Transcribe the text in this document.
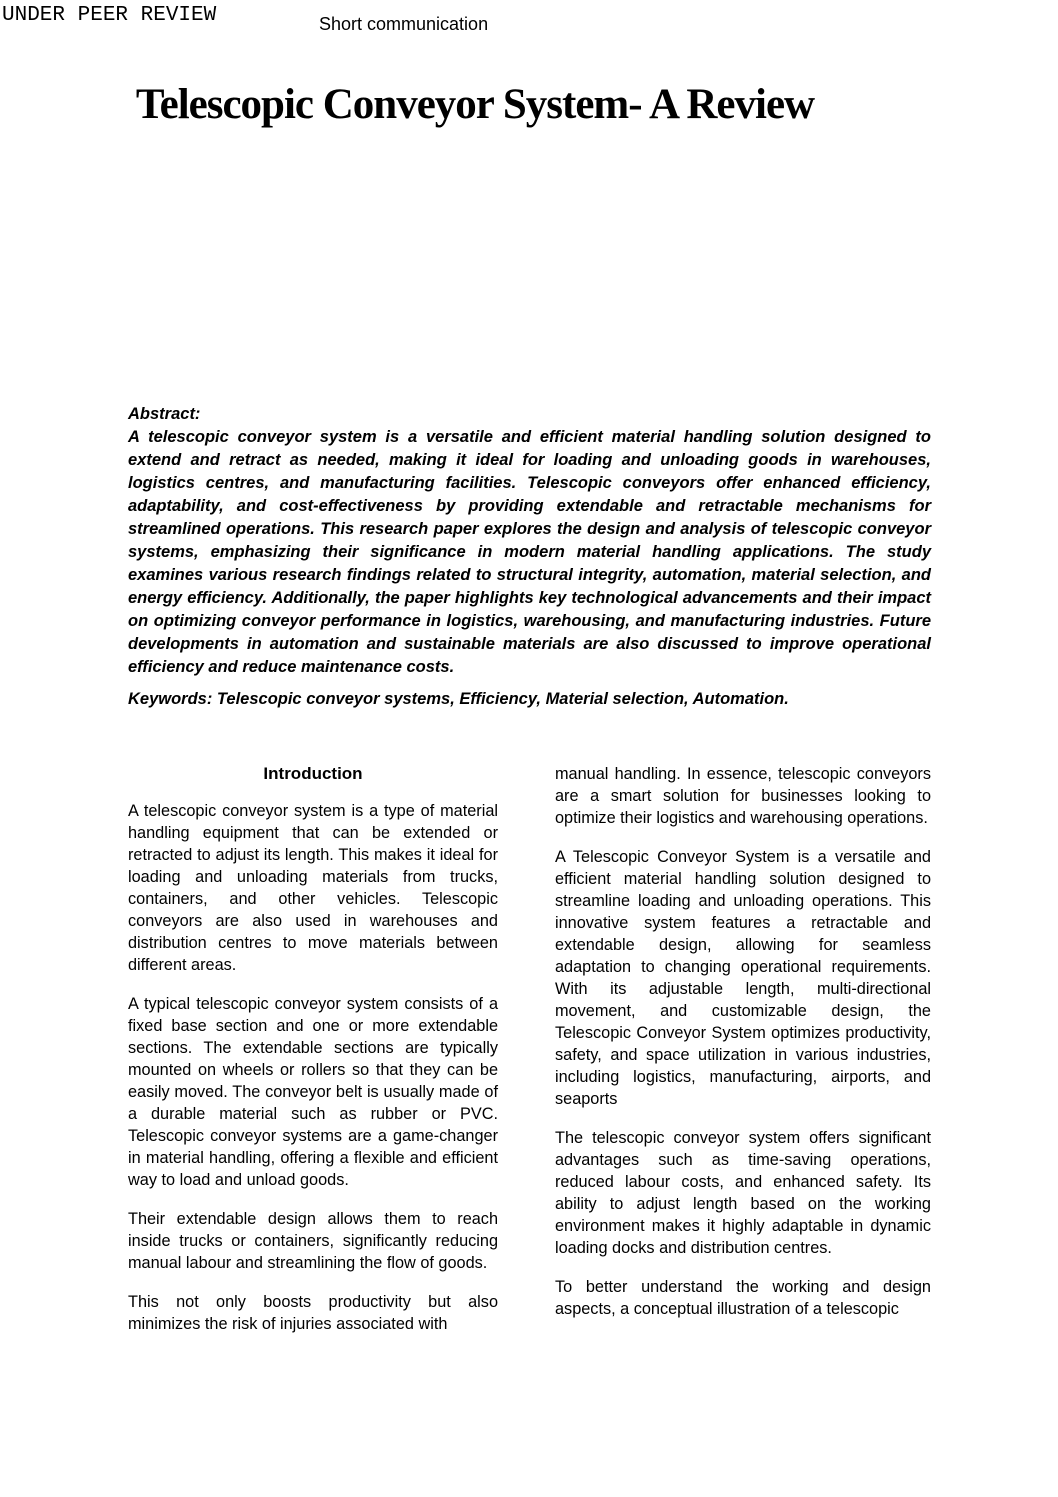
UNDER PEER REVIEW	Short communication
Telescopic Conveyor System- A Review
Abstract:
A telescopic conveyor system is a versatile and efficient material handling solution designed to extend and retract as needed, making it ideal for loading and unloading goods in warehouses, logistics centres, and manufacturing facilities. Telescopic conveyors offer enhanced efficiency, adaptability, and cost-effectiveness by providing extendable and retractable mechanisms for streamlined operations. This research paper explores the design and analysis of telescopic conveyor systems, emphasizing their significance in modern material handling applications. The study examines various research findings related to structural integrity, automation, material selection, and energy efficiency. Additionally, the paper highlights key technological advancements and their impact on optimizing conveyor performance in logistics, warehousing, and manufacturing industries. Future developments in automation and sustainable materials are also discussed to improve operational efficiency and reduce maintenance costs.
Keywords: Telescopic conveyor systems, Efficiency, Material selection, Automation.
Introduction

A telescopic conveyor system is a type of material handling equipment that can be extended or retracted to adjust its length. This makes it ideal for loading and unloading materials from trucks, containers, and other vehicles. Telescopic conveyors are also used in warehouses and distribution centres to move materials between different areas.

A typical telescopic conveyor system consists of a fixed base section and one or more extendable sections. The extendable sections are typically mounted on wheels or rollers so that they can be easily moved. The conveyor belt is usually made of a durable material such as rubber or PVC. Telescopic conveyor systems are a game-changer in material handling, offering a flexible and efficient way to load and unload goods.

Their extendable design allows them to reach inside trucks or containers, significantly reducing manual labour and streamlining the flow of goods.

This not only boosts productivity but also minimizes the risk of injuries associated with

manual handling. In essence, telescopic conveyors are a smart solution for businesses looking to optimize their logistics and warehousing operations.

A Telescopic Conveyor System is a versatile and efficient material handling solution designed to streamline loading and unloading operations. This innovative system features a retractable and extendable design, allowing for seamless adaptation to changing operational requirements. With its adjustable length, multi-directional movement, and customizable design, the Telescopic Conveyor System optimizes productivity, safety, and space utilization in various industries, including logistics, manufacturing, airports, and seaports

The telescopic conveyor system offers significant advantages such as time-saving operations, reduced labour costs, and enhanced safety. Its ability to adjust length based on the working environment makes it highly adaptable in dynamic loading docks and distribution centres.

To better understand the working and design aspects, a conceptual illustration of a telescopic
